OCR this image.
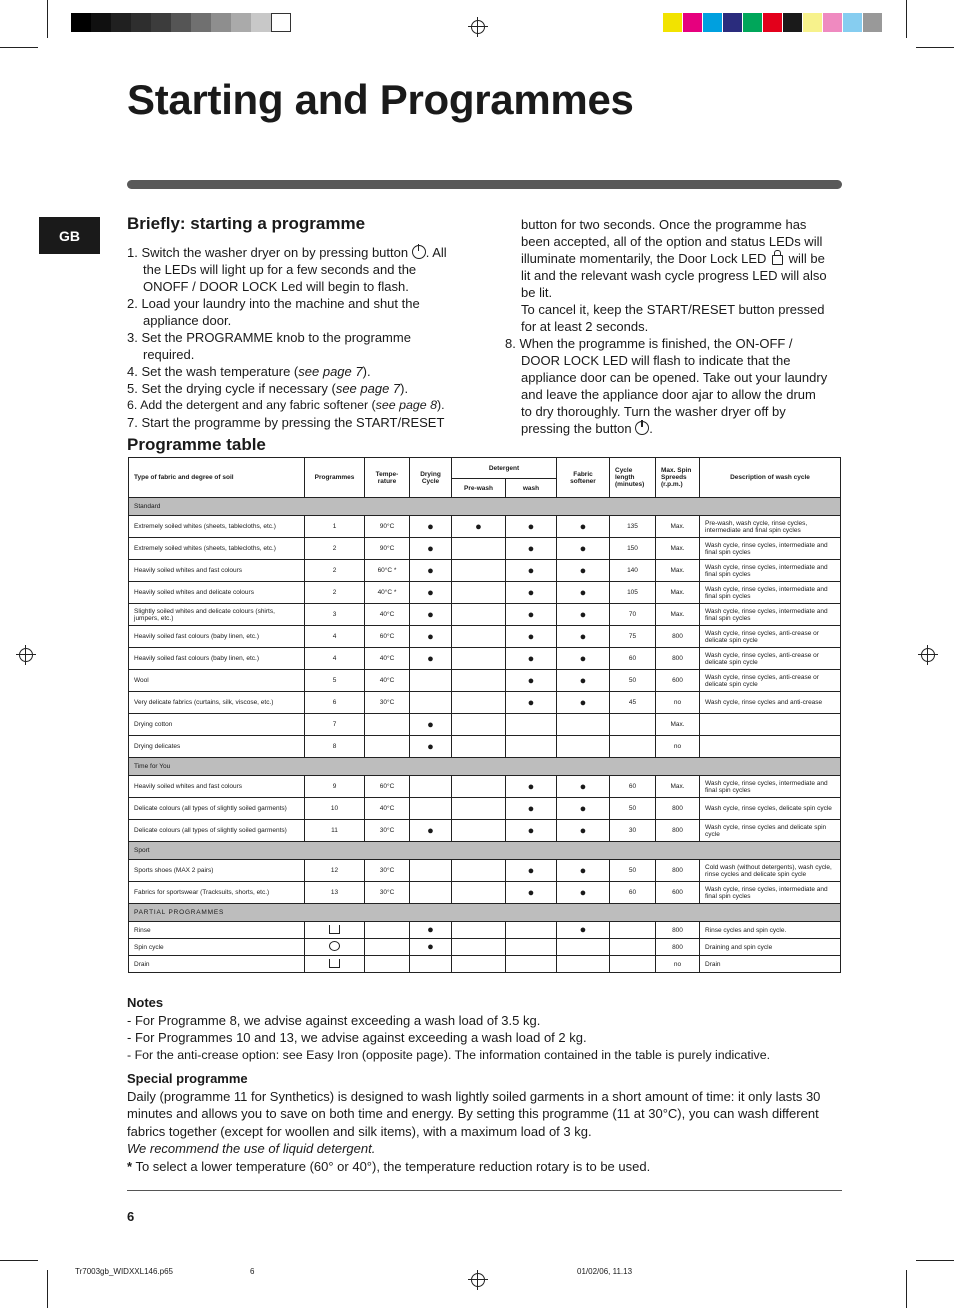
Starting and Programmes
GB
Briefly: starting a programme
1. Switch the washer dryer on by pressing button . All the LEDs will light up for a few seconds and the ONOFF / DOOR LOCK Led will begin to flash.
2. Load your laundry into the machine and shut the appliance door.
3. Set the PROGRAMME knob to the programme required.
4. Set the wash temperature (see page 7).
5. Set the drying cycle if necessary (see page 7).
6. Add the detergent and any fabric softener (see page 8).
7. Start the programme by pressing the START/RESET

button for two seconds. Once the programme has been accepted, all of the option and status LEDs will illuminate momentarily, the Door Lock LED will be lit and the relevant wash cycle progress LED will also be lit.

To cancel it, keep the START/RESET button pressed for at least 2 seconds.

8. When the programme is finished, the ON-OFF / DOOR LOCK LED will flash to indicate that the appliance door can be opened. Take out your laundry and leave the appliance door ajar to allow the drum to dry thoroughly. Turn the washer dryer off by pressing the button .

Programme table
Type of fabric and degree of soil	Programmes	Tempe-rature	Drying Cycle	Detergent		Fabric softener	Cycle length (minutes)	Max. Spin Spreeds (r.p.m.)	Description of wash cycle
				Pre-wash	wash				
Standard									
Extremely soiled whites (sheets, tablecloths, etc.)	1	90°C	●	●	●	●	135	Max.	Pre-wash, wash cycle, rinse cycles, intermediate and final spin cycles
Extremely soiled whites (sheets, tablecloths, etc.)	2	90°C	●		●	●	150	Max.	Wash cycle, rinse cycles, intermediate and final spin cycles
Heavily soiled whites and fast colours	2	60°C *	●		●	●	140	Max.	Wash cycle, rinse cycles, intermediate and final spin cycles
Heavily soiled whites and delicate colours	2	40°C *	●		●	●	105	Max.	Wash cycle, rinse cycles, intermediate and final spin cycles
Slightly soiled whites and delicate colours (shirts, jumpers, etc.)	3	40°C	●		●	●	70	Max.	Wash cycle, rinse cycles, intermediate and final spin cycles
Heavily soiled fast colours (baby linen, etc.)	4	60°C	●		●	●	75	800	Wash cycle, rinse cycles, anti-crease or delicate spin cycle
Heavily soiled fast colours (baby linen, etc.)	4	40°C	●		●	●	60	800	Wash cycle, rinse cycles, anti-crease or delicate spin cycle
Wool	5	40°C			●	●	50	600	Wash cycle, rinse cycles, anti-crease or delicate spin cycle
Very delicate fabrics (curtains, silk, viscose, etc.)	6	30°C			●	●	45	no	Wash cycle, rinse cycles and anti-crease
Drying cotton	7		●					Max.	
Drying delicates	8		●					no	
Time for You									
Heavily soiled whites and fast colours	9	60°C			●	●	60	Max.	Wash cycle, rinse cycles, intermediate and final spin cycles
Delicate colours (all types of slightly soiled garments)	10	40°C			●	●	50	800	Wash cycle, rinse cycles, delicate spin cycle
Delicate colours (all types of slightly soiled garments)	11	30°C	●		●	●	30	800	Wash cycle, rinse cycles and delicate spin cycle
Sport									
Sports shoes (MAX 2 pairs)	12	30°C			●	●	50	800	Cold wash (without detergents), wash cycle, rinse cycles and delicate spin cycle
Fabrics for sportswear (Tracksuits, shorts, etc.)	13	30°C			●	●	60	600	Wash cycle, rinse cycles, intermediate and final spin cycles
PARTIAL PROGRAMMES									
Rinse			●			●		800	Rinse cycles and spin cycle.
Spin cycle			●					800	Draining and spin cycle
Drain								no	Drain

Notes

- For Programme 8, we advise against exceeding a wash load of 3.5 kg.

- For Programmes 10 and 13, we advise against exceeding a wash load of 2 kg.

- For the anti-crease option: see Easy Iron (opposite page). The information contained in the table is purely indicative.

Special programme

Daily (programme 11 for Synthetics) is designed to wash lightly soiled garments in a short amount of time: it only lasts 30 minutes and allows you to save on both time and energy. By setting this programme (11 at 30°C), you can wash different fabrics together (except for woollen and silk items), with a maximum load of 3 kg.

We recommend the use of liquid detergent.

* To select a lower temperature (60° or 40°), the temperature reduction rotary is to be used.

6
Tr7003gb_WIDXXL146.p65	6	01/02/06, 11.13
